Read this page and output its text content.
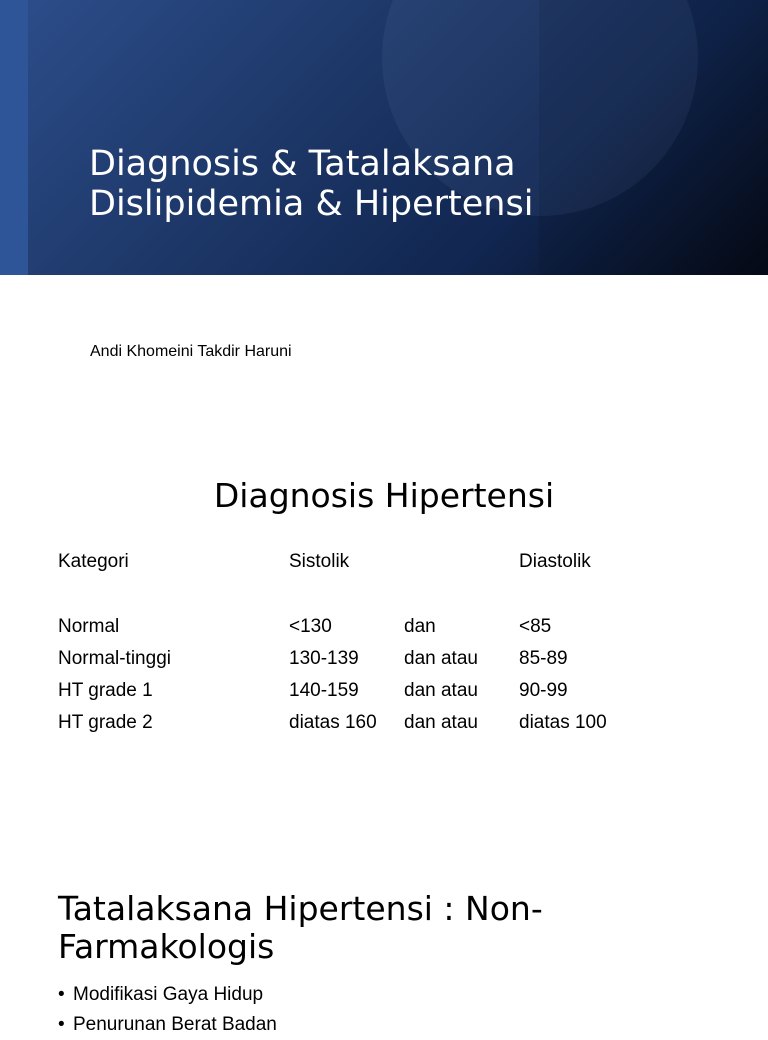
Diagnosis & Tatalaksana
Dislipidemia & Hipertensi
Andi Khomeini Takdir Haruni
Diagnosis Hipertensi
Kategori	Sistolik		Diastolik

Normal	<130	dan	<85
Normal-tinggi	130-139	dan atau	85-89
HT grade 1	140-159	dan atau	90-99
HT grade 2	diatas 160	dan atau	diatas 100
Tatalaksana Hipertensi : Non-
Farmakologis
• Modifikasi Gaya Hidup
• Penurunan Berat Badan
